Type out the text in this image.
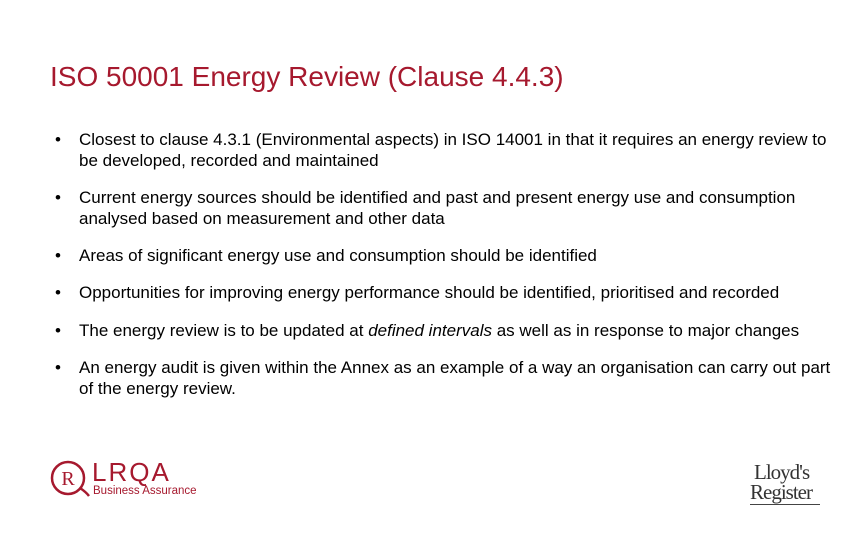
ISO 50001 Energy Review (Clause 4.4.3)
• Closest to clause 4.3.1 (Environmental aspects) in ISO 14001 in that it requires an energy review to be developed, recorded and maintained
• Current energy sources should be identified and past and present energy use and consumption analysed based on measurement and other data
• Areas of significant energy use and consumption should be identified
• Opportunities for improving energy performance should be identified, prioritised and recorded
• The energy review is to be updated at defined intervals as well as in response to major changes
• An energy audit is given within the Annex as an example of a way an organisation can carry out part of the energy review.
R LRQA
Business Assurance
Lloyd's
Register
